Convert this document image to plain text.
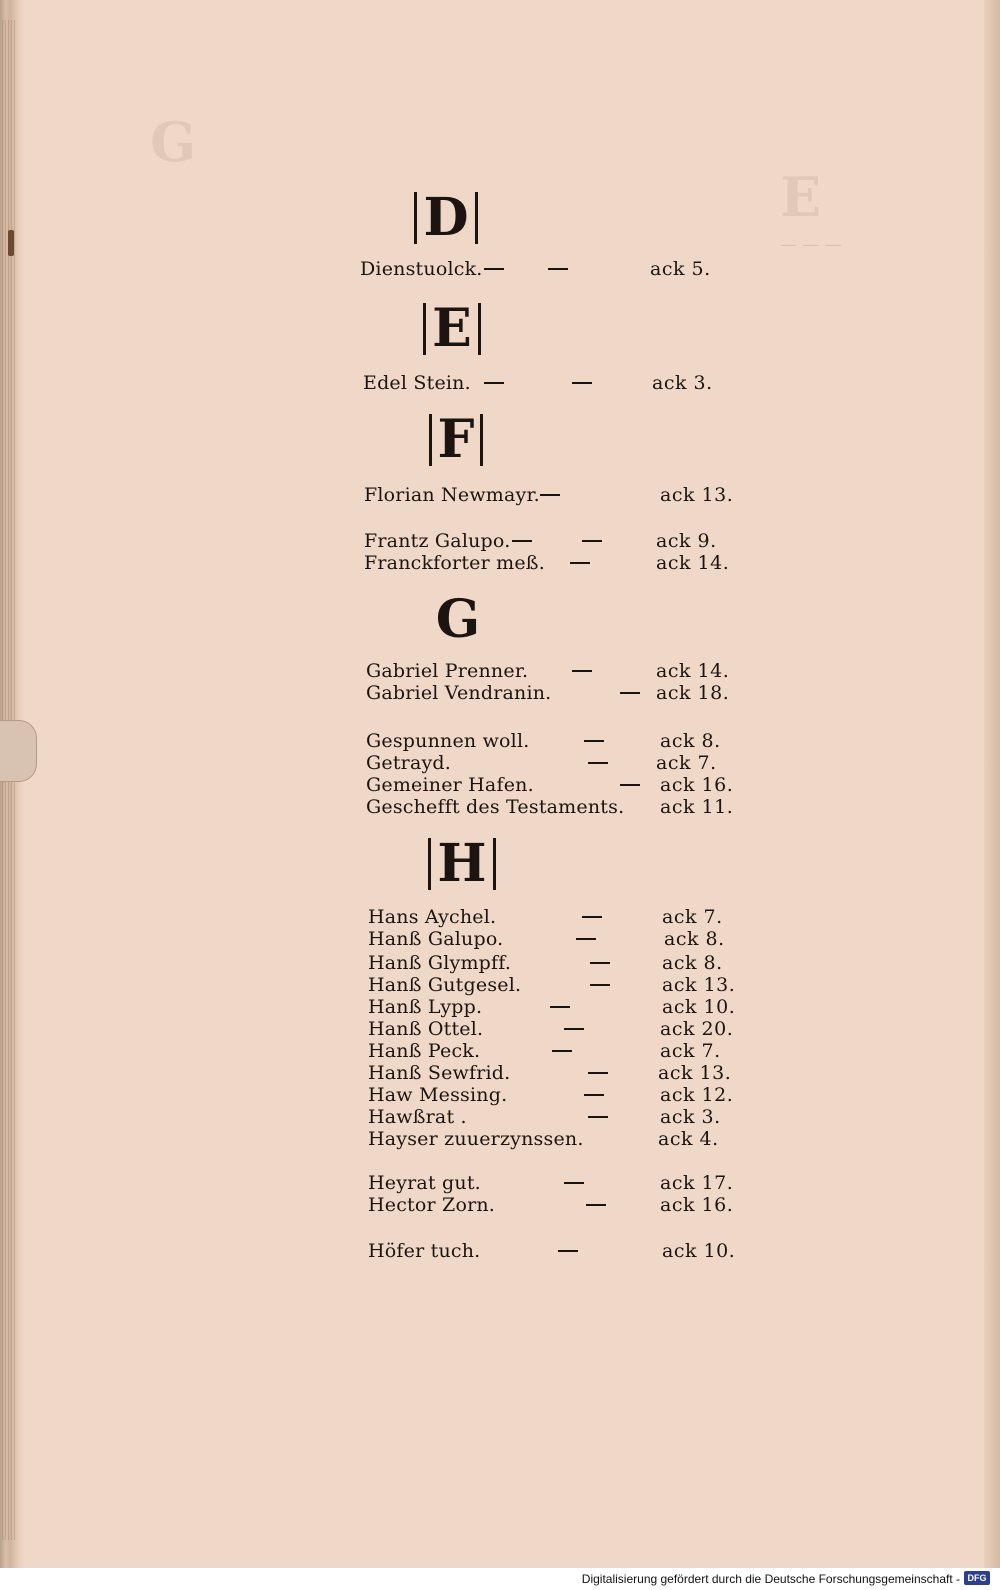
G
E
— — —
D
Dienstuolck.	ack 5.
E
Edel Stein.	ack 3.
F
Florian Newmayr.	ack 13.
Frantz Galupo.	ack 9.
Franckforter meß.	ack 14.
G
Gabriel Prenner.	ack 14.
Gabriel Vendranin.	ack 18.
Gespunnen woll.	ack 8.
Getrayd.	ack 7.
Gemeiner Hafen.	ack 16.
Geschefft des Testaments. ack 11.
H
Hans Aychel.	ack 7.
Hanß Galupo.	ack 8.
Hanß Glympff.	ack 8.
Hanß Gutgesel.	ack 13.
Hanß Lypp.	ack 10.
Hanß Ottel.	ack 20.
Hanß Peck.	ack 7.
Hanß Sewfrid.	ack 13.
Haw Messing.	ack 12.
Hawßrat .	ack 3.
Hayser zuuerzynssen.	ack 4.
Heyrat gut.	ack 17.
Hector Zorn.	ack 16.
Höfer tuch.	ack 10.
Digitalisierung gefördert durch die Deutsche Forschungsgemeinschaft - DFG
